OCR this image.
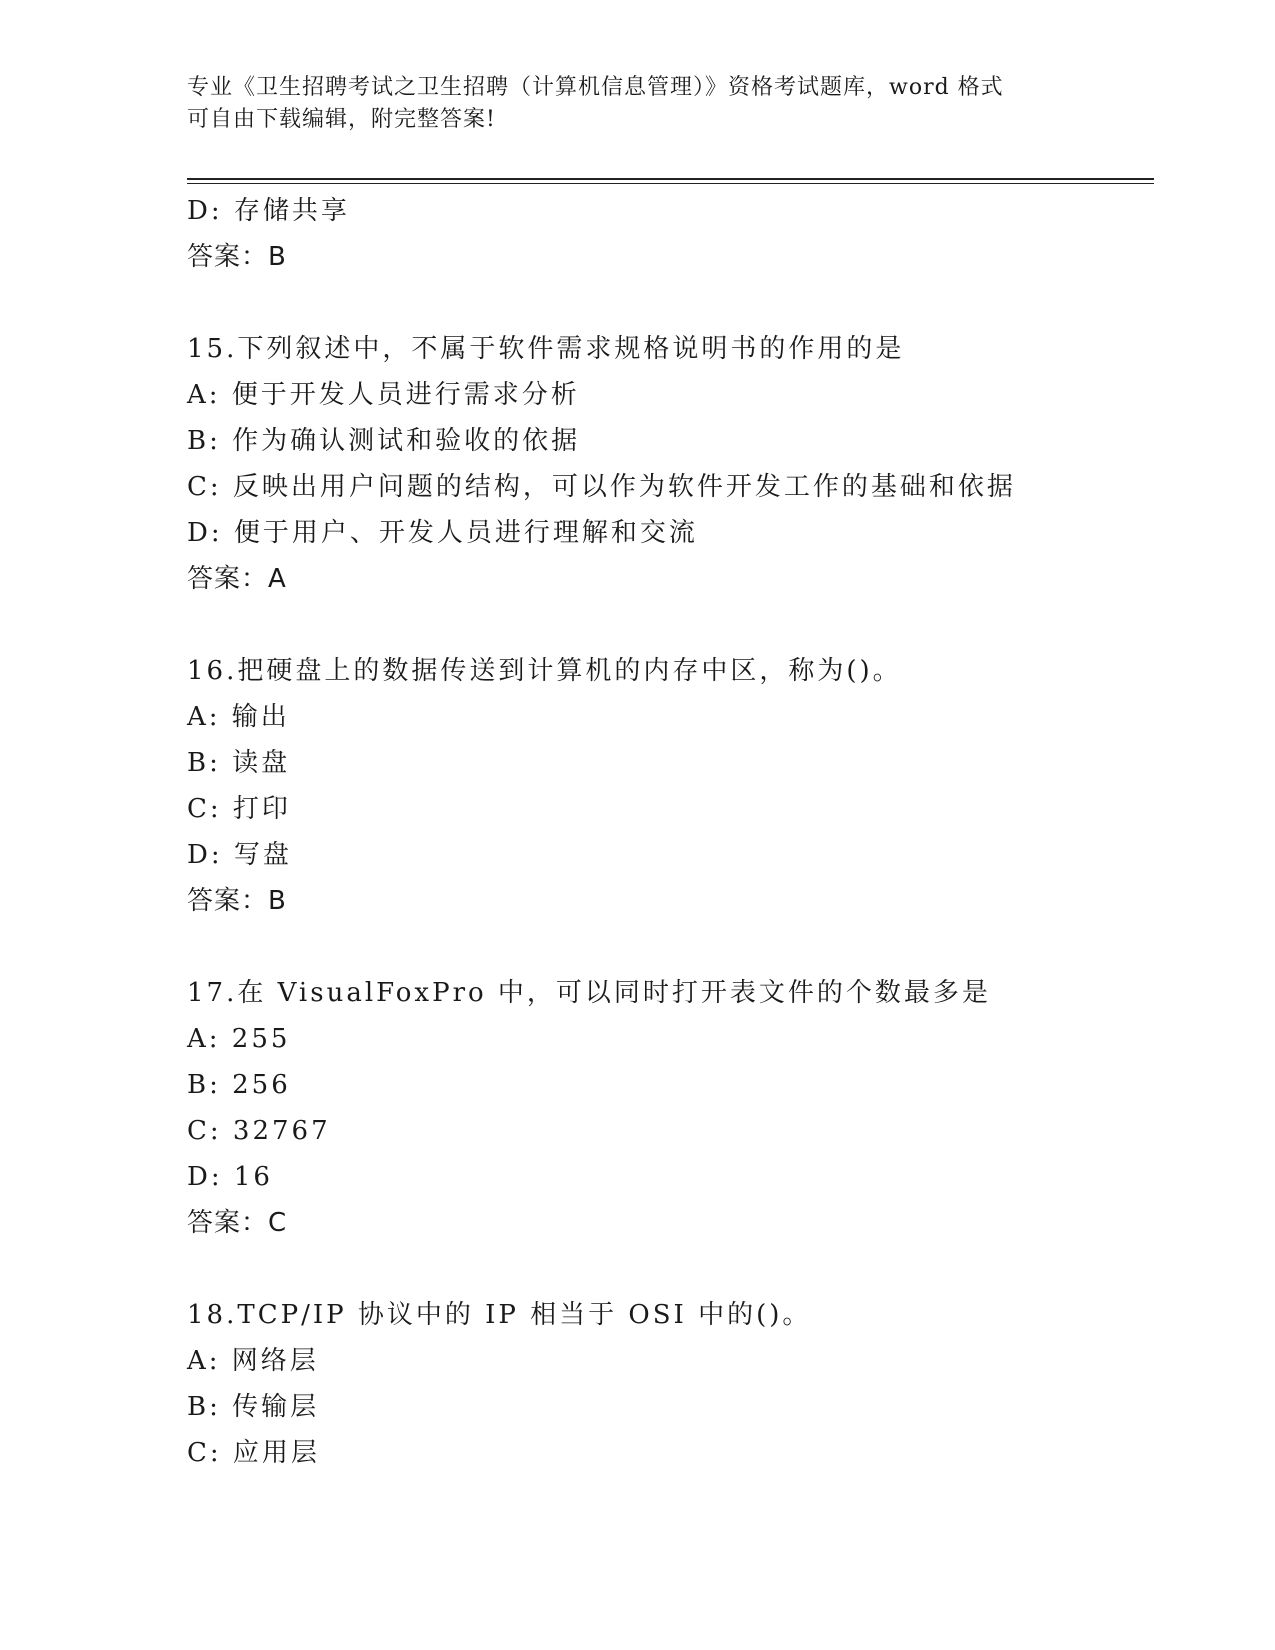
专业《卫生招聘考试之卫生招聘（计算机信息管理）》资格考试题库，word 格式
可自由下载编辑，附完整答案!
D: 存储共享
答案：B
15.下列叙述中，不属于软件需求规格说明书的作用的是
A: 便于开发人员进行需求分析
B: 作为确认测试和验收的依据
C: 反映出用户问题的结构，可以作为软件开发工作的基础和依据
D: 便于用户、开发人员进行理解和交流
答案：A
16.把硬盘上的数据传送到计算机的内存中区，称为()。
A: 输出
B: 读盘
C: 打印
D: 写盘
答案：B
17.在 VisualFoxPro 中，可以同时打开表文件的个数最多是
A: 255
B: 256
C: 32767
D: 16
答案：C
18.TCP/IP 协议中的 IP 相当于 OSI 中的()。
A: 网络层
B: 传输层
C: 应用层
